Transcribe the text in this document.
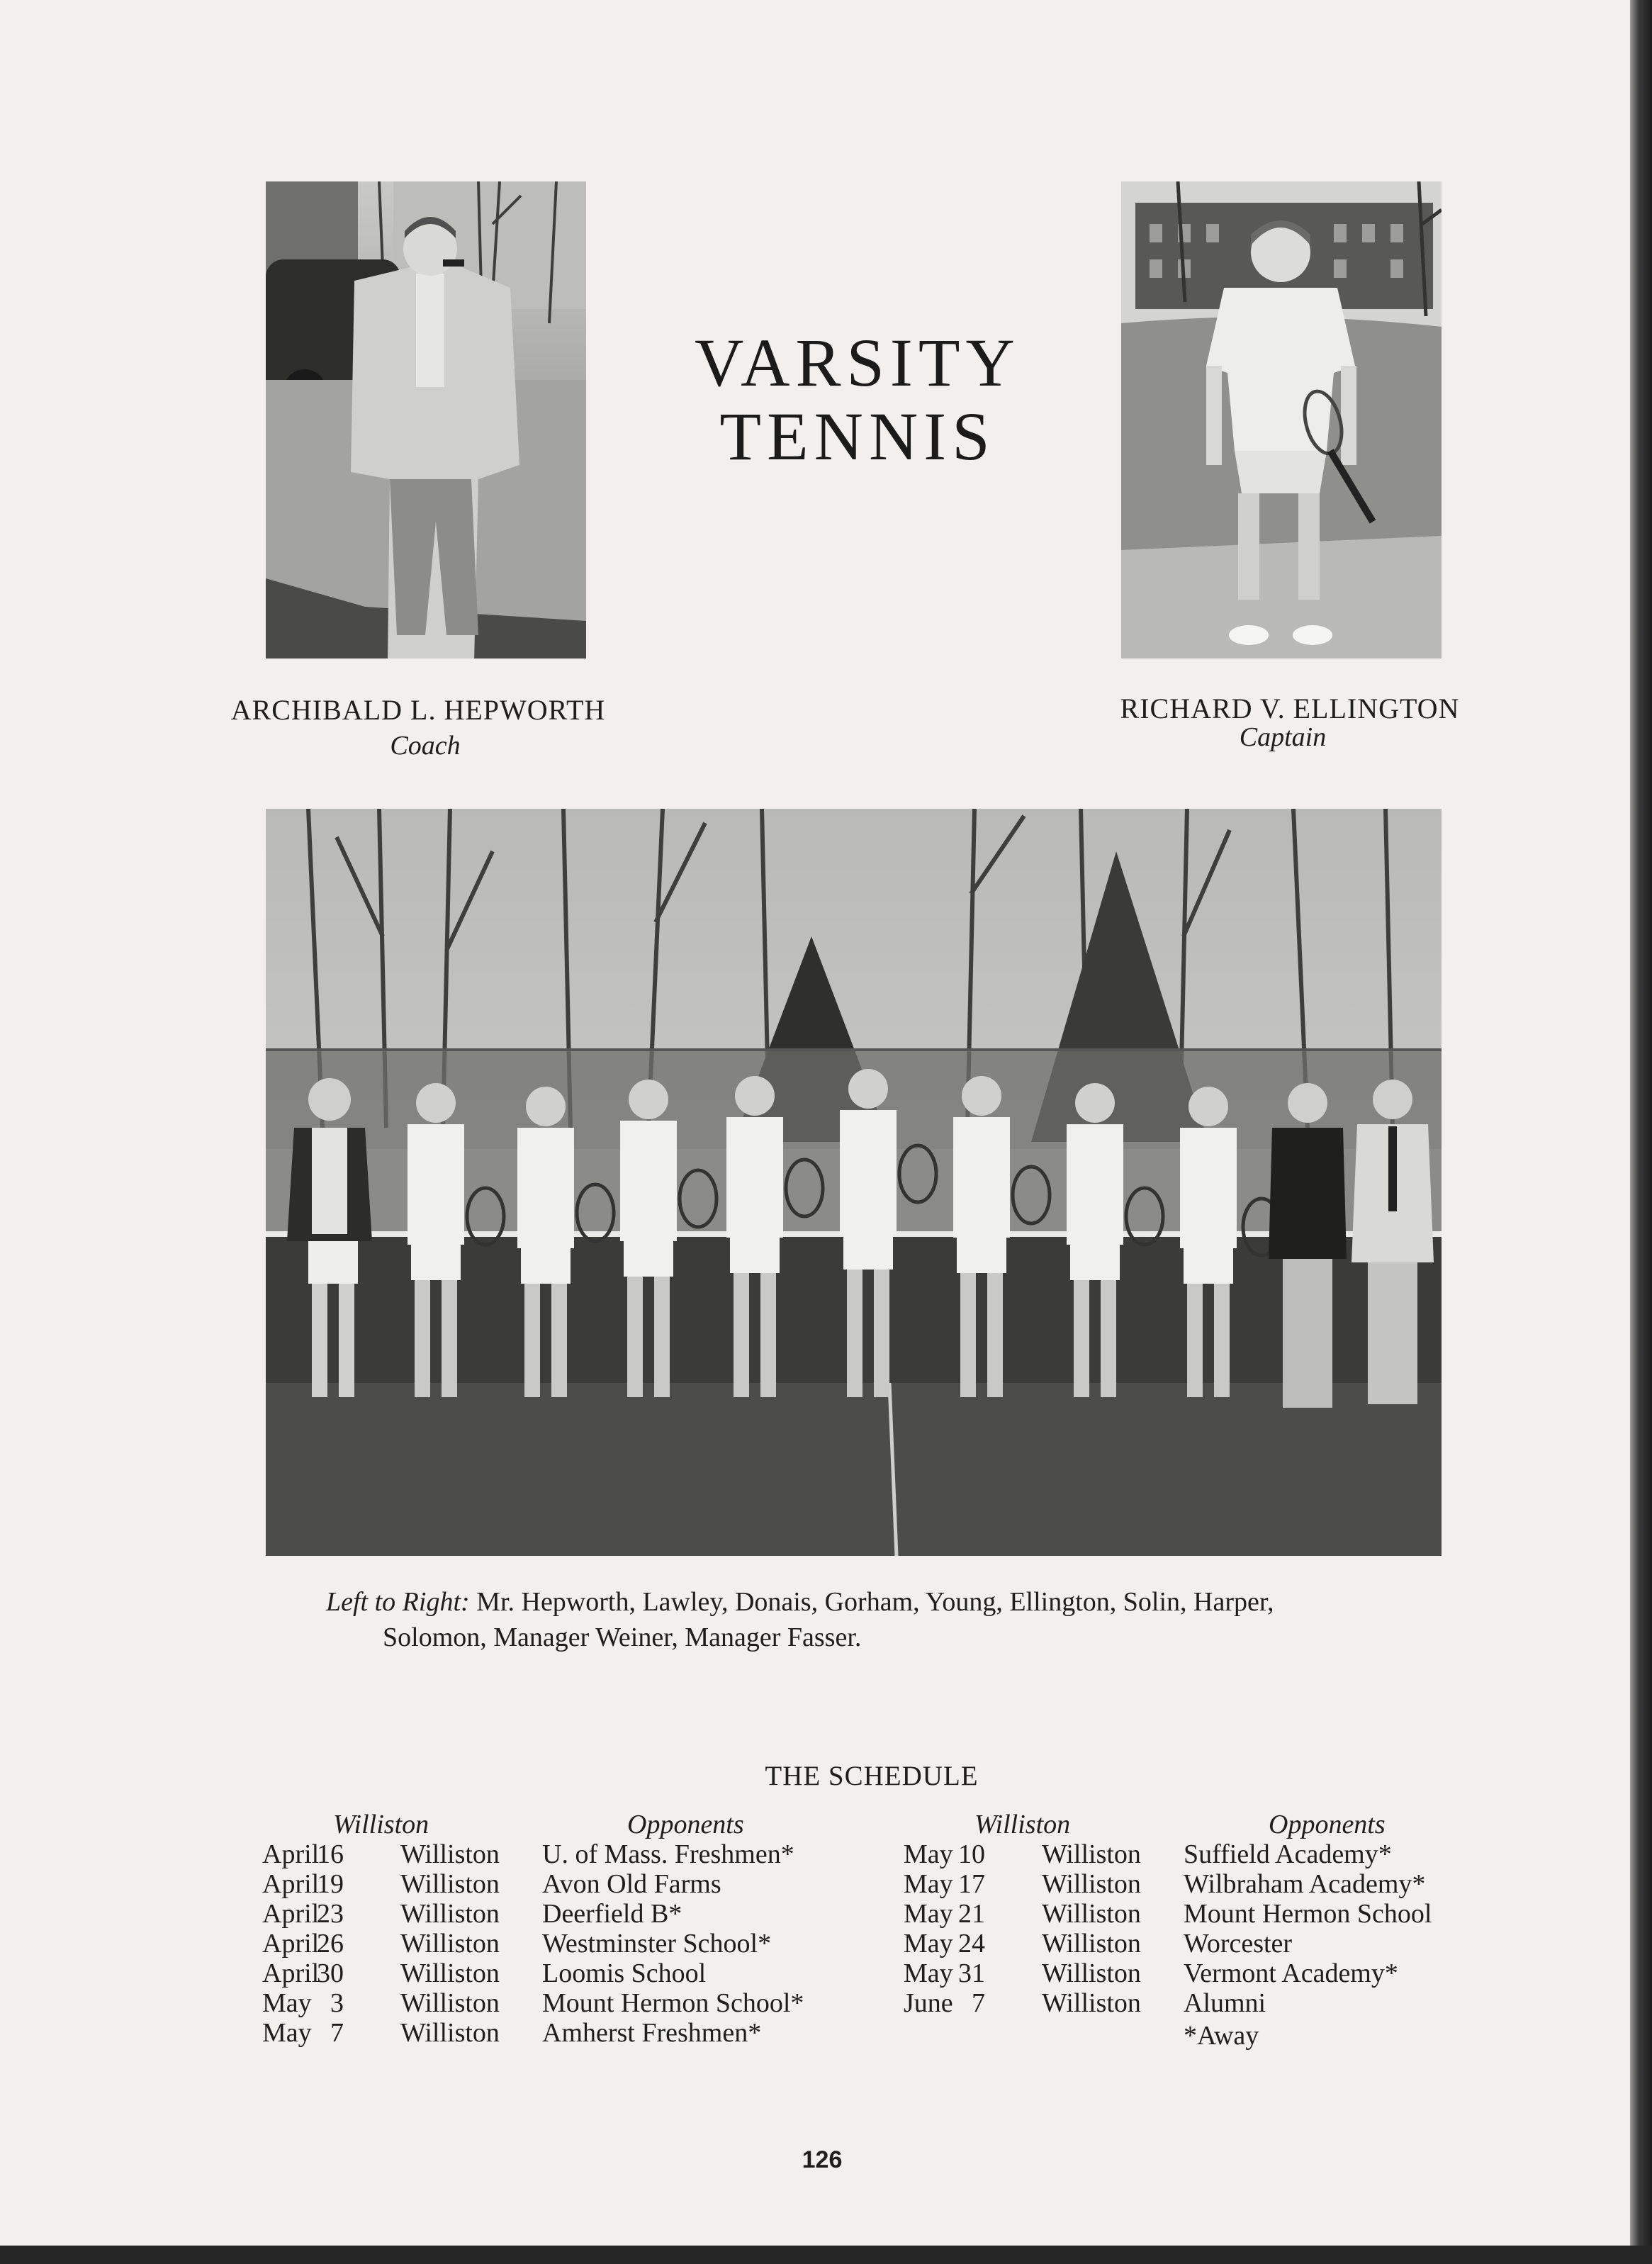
VARSITY
TENNIS
ARCHIBALD L. HEPWORTH
Coach
RICHARD V. ELLINGTON
Captain
Left to Right: Mr. Hepworth, Lawley, Donais, Gorham, Young, Ellington, Solin, Harper,
Solomon, Manager Weiner, Manager Fasser.
THE SCHEDULE
Williston	Opponents
April
16 Williston U. of Mass. Freshmen*
April
19 Williston Avon Old Farms
April
23 Williston Deerfield B*
April
26 Williston Westminster School*
April
30 Williston Loomis School
May 3 Williston Mount Hermon School*
May 7 Williston Amherst Freshmen*
Williston	Opponents
May 10 Williston Suffield Academy*
May 17 Williston Wilbraham Academy*
May 21 Williston Mount Hermon School
May 24 Williston Worcester
May 31 Williston Vermont Academy*
June 7 Williston Alumni
*Away
126
